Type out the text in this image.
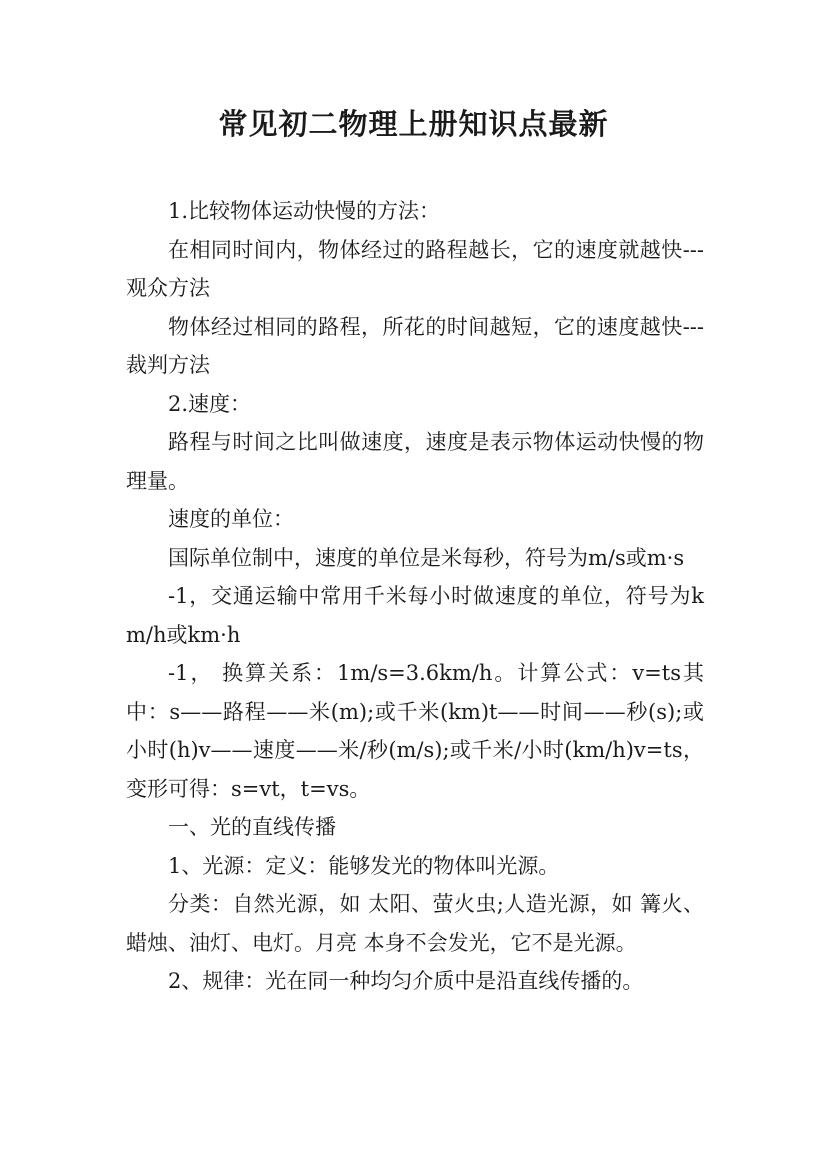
常见初二物理上册知识点最新

1.比较物体运动快慢的方法：

在相同时间内，物体经过的路程越长，它的速度就越快---观众方法

物体经过相同的路程，所花的时间越短，它的速度越快---裁判方法

2.速度：

路程与时间之比叫做速度，速度是表示物体运动快慢的物理量。

速度的单位：

国际单位制中，速度的单位是米每秒，符号为m/s或m·s

-1，交通运输中常用千米每小时做速度的单位，符号为km/h或km·h

-1， 换算关系：1m/s=3.6km/h。计算公式：v=ts其中：s——路程——米(m);或千米(km)t——时间——秒(s);或小时(h)v——速度——米/秒(m/s);或千米/小时(km/h)v=ts，变形可得：s=vt，t=vs。

一、光的直线传播

1、光源：定义：能够发光的物体叫光源。

分类：自然光源，如 太阳、萤火虫;人造光源，如 篝火、蜡烛、油灯、电灯。月亮 本身不会发光，它不是光源。

2、规律：光在同一种均匀介质中是沿直线传播的。
